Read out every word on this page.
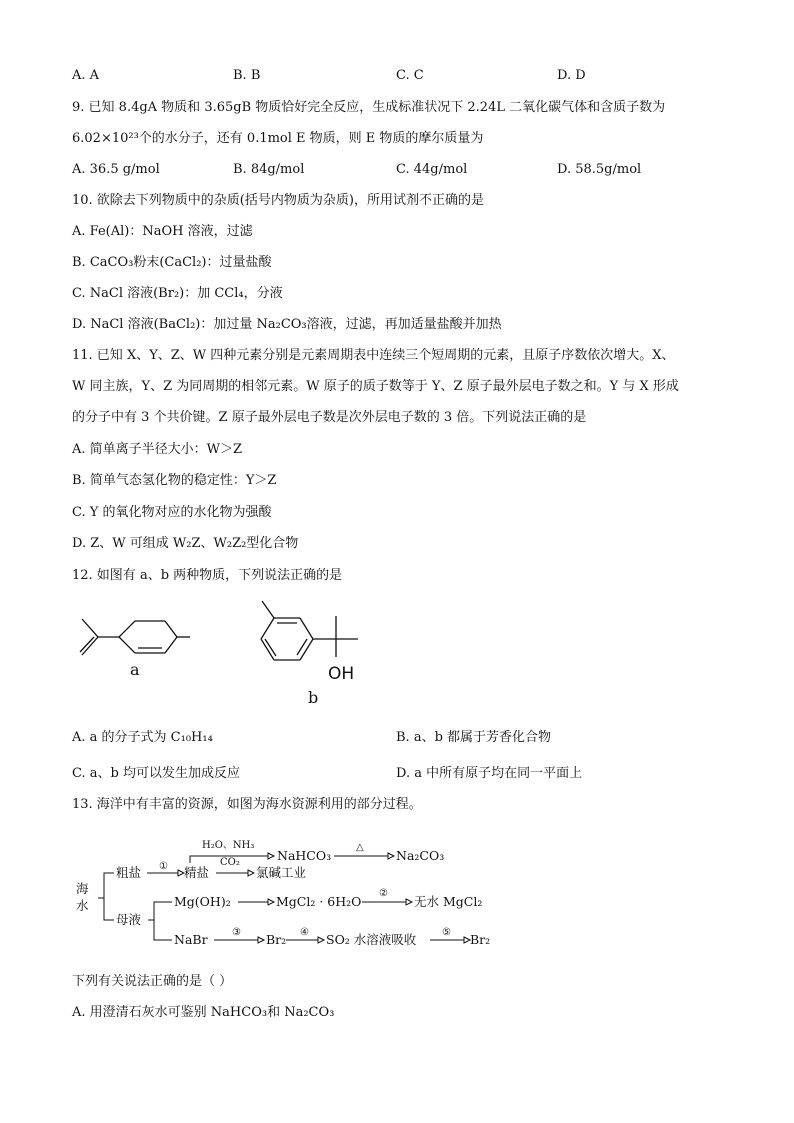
A. A	B. B	C. C	D. D
9. 已知 8.4gA 物质和 3.65gB 物质恰好完全反应，生成标准状况下 2.24L 二氧化碳气体和含质子数为
6.02×10²³个的水分子，还有 0.1mol E 物质，则 E 物质的摩尔质量为
A. 36.5 g/mol	B. 84g/mol	C. 44g/mol	D. 58.5g/mol
10. 欲除去下列物质中的杂质(括号内物质为杂质)，所用试剂不正确的是
A. Fe(Al)：NaOH 溶液，过滤
B. CaCO₃粉末(CaCl₂)：过量盐酸
C. NaCl 溶液(Br₂)：加 CCl₄，分液
D. NaCl 溶液(BaCl₂)：加过量 Na₂CO₃溶液，过滤，再加适量盐酸并加热
11. 已知 X、Y、Z、W 四种元素分别是元素周期表中连续三个短周期的元素，且原子序数依次增大。X、
W 同主族，Y、Z 为同周期的相邻元素。W 原子的质子数等于 Y、Z 原子最外层电子数之和。Y 与 X 形成
的分子中有 3 个共价键。Z 原子最外层电子数是次外层电子数的 3 倍。下列说法正确的是
A. 简单离子半径大小：W＞Z
B. 简单气态氢化物的稳定性：Y＞Z
C. Y 的氧化物对应的水化物为强酸
D. Z、W 可组成 W₂Z、W₂Z₂型化合物
12. 如图有 a、b 两种物质，下列说法正确的是
a	OH
b
A. a 的分子式为 C₁₀H₁₄	B. a、b 都属于芳香化合物
C. a、b 均可以发生加成反应	D. a 中所有原子均在同一平面上
13. 海洋中有丰富的资源，如图为海水资源利用的部分过程。
海
水
粗盐 ① 精盐
H₂O、NH₃
CO₂	NaHCO₃
△
Na₂CO₃
氯碱工业
母液
Mg(OH)₂	MgCl₂ · 6H₂O
②
无水 MgCl₂
NaBr ③ Br₂ ④ SO₂ 水溶液吸收	⑤ Br₂
下列有关说法正确的是（ ）
A. 用澄清石灰水可鉴别 NaHCO₃和 Na₂CO₃
